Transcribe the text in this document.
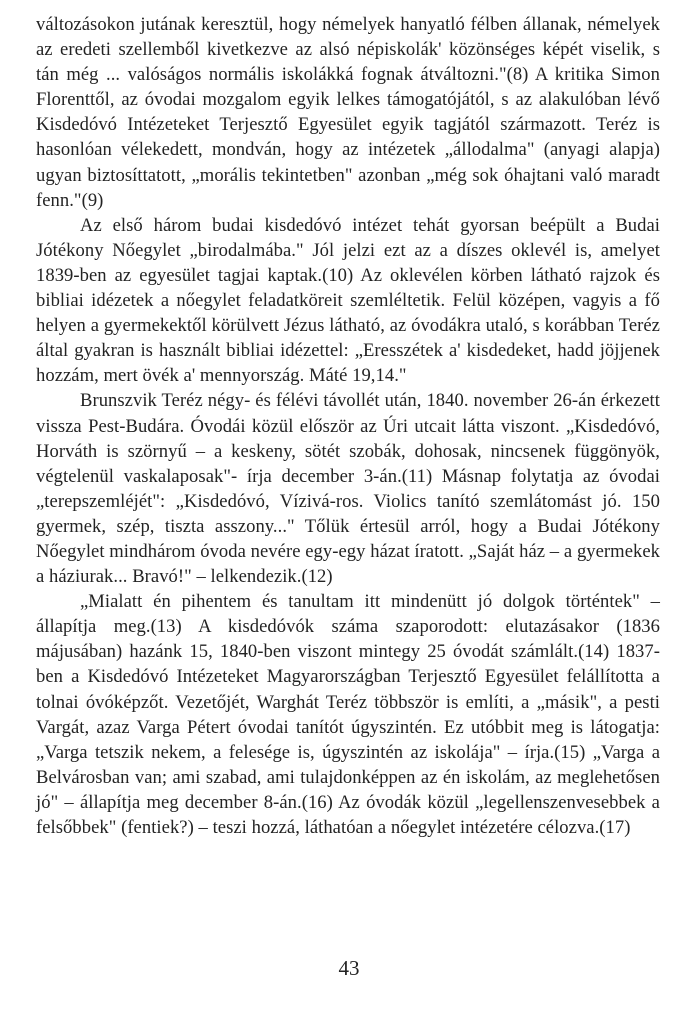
változásokon jutának keresztül, hogy némelyek hanyatló félben állanak, némelyek az eredeti szellemből kivetkezve az alsó népiskolák' közönséges képét viselik, s tán még ... valóságos normális iskolákká fognak átváltozni."(8) A kritika Simon Florenttől, az óvodai mozgalom egyik lelkes támogatójától, s az alakulóban lévő Kisdedóvó Intézeteket Terjesztő Egyesület egyik tagjától származott. Teréz is hasonlóan vélekedett, mondván, hogy az intézetek „állodalma" (anyagi alapja) ugyan biztosíttatott, „morális tekintetben" azonban „még sok óhajtani való maradt fenn."(9)

Az első három budai kisdedóvó intézet tehát gyorsan beépült a Budai Jótékony Nőegylet „birodalmába." Jól jelzi ezt az a díszes oklevél is, amelyet 1839-ben az egyesület tagjai kaptak.(10) Az oklevélen körben látható rajzok és bibliai idézetek a nőegylet feladatköreit szemléltetik. Felül középen, vagyis a fő helyen a gyermekektől körülvett Jézus látható, az óvodákra utaló, s korábban Teréz által gyakran is használt bibliai idézettel: „Eresszétek a' kisdedeket, hadd jöjjenek hozzám, mert övék a' mennyország. Máté 19,14."

Brunszvik Teréz négy- és félévi távollét után, 1840. november 26-án érkezett vissza Pest-Budára. Óvodái közül először az Úri utcait látta viszont. „Kisdedóvó, Horváth is szörnyű – a keskeny, sötét szobák, dohosak, nincsenek függönyök, végtelenül vaskalaposak"- írja december 3-án.(11) Másnap folytatja az óvodai „terepszemléjét": „Kisdedóvó, Vízivá-ros. Violics tanító szemlátomást jó. 150 gyermek, szép, tiszta asszony..." Tőlük értesül arról, hogy a Budai Jótékony Nőegylet mindhárom óvoda nevére egy-egy házat íratott. „Saját ház – a gyermekek a háziurak... Bravó!" – lelkendezik.(12)

„Mialatt én pihentem és tanultam itt mindenütt jó dolgok történtek" – állapítja meg.(13) A kisdedóvók száma szaporodott: elutazásakor (1836 májusában) hazánk 15, 1840-ben viszont mintegy 25 óvodát számlált.(14) 1837-ben a Kisdedóvó Intézeteket Magyarországban Terjesztő Egyesület felállította a tolnai óvóképzőt. Vezetőjét, Warghát Teréz többször is említi, a „másik", a pesti Vargát, azaz Varga Pétert óvodai tanítót úgyszintén. Ez utóbbit meg is látogatja: „Varga tetszik nekem, a felesége is, úgyszintén az iskolája" – írja.(15) „Varga a Belvárosban van; ami szabad, ami tulajdonképpen az én iskolám, az meglehetősen jó" – állapítja meg december 8-án.(16) Az óvodák közül „legellenszenvesebbek a felsőbbek" (fentiek?) – teszi hozzá, láthatóan a nőegylet intézetére célozva.(17)

43
